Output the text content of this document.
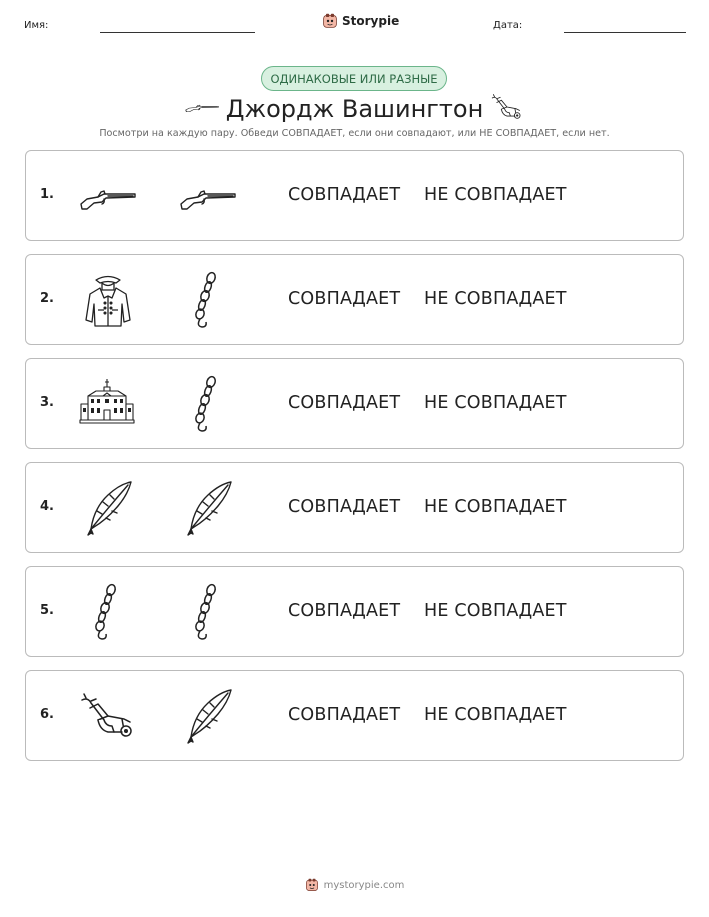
Имя:	Storypie	Дата:
ОДИНАКОВЫЕ ИЛИ РАЗНЫЕ
Джордж Вашингтон
Посмотри на каждую пару. Обведи СОВПАДАЕТ, если они совпадают, или НЕ СОВПАДАЕТ, если нет.
1.	СОВПАДАЕТ НЕ СОВПАДАЕТ
2.	СОВПАДАЕТ НЕ СОВПАДАЕТ
3.	СОВПАДАЕТ НЕ СОВПАДАЕТ
4.	СОВПАДАЕТ НЕ СОВПАДАЕТ
5.	СОВПАДАЕТ НЕ СОВПАДАЕТ
6.	СОВПАДАЕТ НЕ СОВПАДАЕТ
mystorypie.com
